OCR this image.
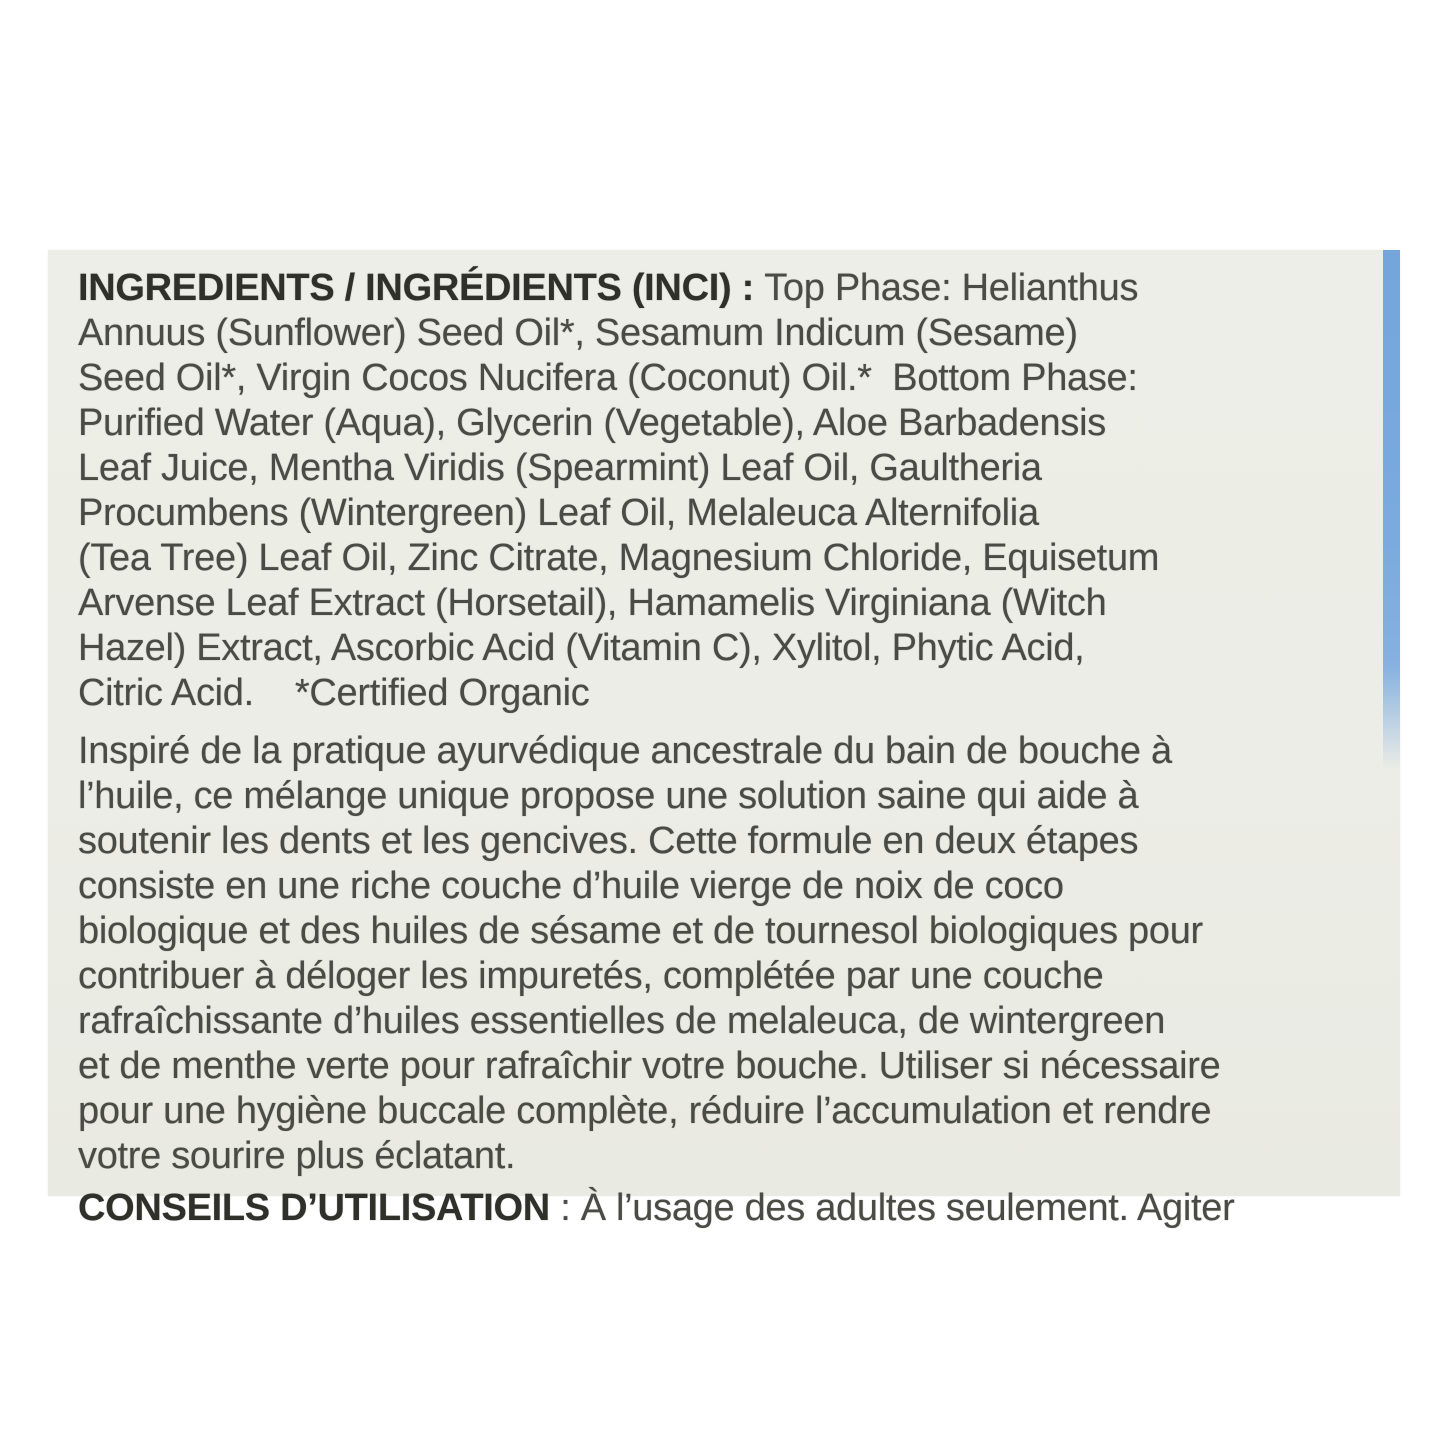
INGREDIENTS / INGRÉDIENTS (INCI) : Top Phase: Helianthus
Annuus (Sunflower) Seed Oil*, Sesamum Indicum (Sesame)
Seed Oil*, Virgin Cocos Nucifera (Coconut) Oil.*  Bottom Phase:
Purified Water (Aqua), Glycerin (Vegetable), Aloe Barbadensis
Leaf Juice, Mentha Viridis (Spearmint) Leaf Oil, Gaultheria
Procumbens (Wintergreen) Leaf Oil, Melaleuca Alternifolia
(Tea Tree) Leaf Oil, Zinc Citrate, Magnesium Chloride, Equisetum
Arvense Leaf Extract (Horsetail), Hamamelis Virginiana (Witch
Hazel) Extract, Ascorbic Acid (Vitamin C), Xylitol, Phytic Acid,
Citric Acid.    *Certified Organic
Inspiré de la pratique ayurvédique ancestrale du bain de bouche à
l’huile, ce mélange unique propose une solution saine qui aide à
soutenir les dents et les gencives. Cette formule en deux étapes
consiste en une riche couche d’huile vierge de noix de coco
biologique et des huiles de sésame et de tournesol biologiques pour
contribuer à déloger les impuretés, complétée par une couche
rafraîchissante d’huiles essentielles de melaleuca, de wintergreen
et de menthe verte pour rafraîchir votre bouche. Utiliser si nécessaire
pour une hygiène buccale complète, réduire l’accumulation et rendre
votre sourire plus éclatant.
CONSEILS D’UTILISATION : À l’usage des adultes seulement. Agiter
